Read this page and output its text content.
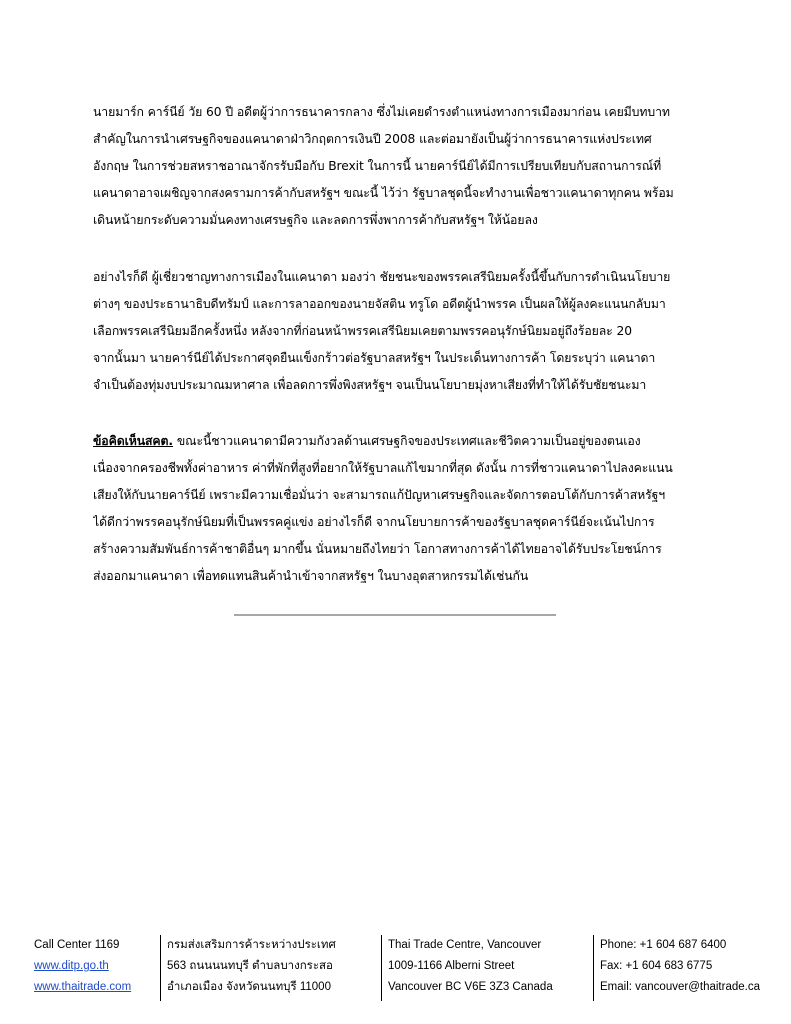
นายมาร์ก คาร์นีย์ วัย 60 ปี อดีตผู้ว่าการธนาคารกลาง ซึ่งไม่เคยดำรงตำแหน่งทางการเมืองมาก่อน เคยมีบทบาท
สำคัญในการนำเศรษฐกิจของแคนาดาฝ่าวิกฤตการเงินปี 2008 และต่อมายังเป็นผู้ว่าการธนาคารแห่งประเทศ
อังกฤษ ในการช่วยสหราชอาณาจักรรับมือกับ Brexit ในการนี้ นายคาร์นีย์ได้มีการเปรียบเทียบกับสถานการณ์ที่
แคนาดาอาจเผชิญจากสงครามการค้ากับสหรัฐฯ ขณะนี้ ไว้ว่า รัฐบาลชุดนี้จะทำงานเพื่อชาวแคนาดาทุกคน พร้อม
เดินหน้ายกระดับความมั่นคงทางเศรษฐกิจ และลดการพึ่งพาการค้ากับสหรัฐฯ ให้น้อยลง
อย่างไรก็ดี ผู้เชี่ยวชาญทางการเมืองในแคนาดา มองว่า ชัยชนะของพรรคเสรีนิยมครั้งนี้ขึ้นกับการดำเนินนโยบาย
ต่างๆ ของประธานาธิบดีทรัมป์ และการลาออกของนายจัสติน ทรูโด อดีตผู้นำพรรค เป็นผลให้ผู้ลงคะแนนกลับมา
เลือกพรรคเสรีนิยมอีกครั้งหนึ่ง หลังจากที่ก่อนหน้าพรรคเสรีนิยมเคยตามพรรคอนุรักษ์นิยมอยู่ถึงร้อยละ 20
จากนั้นมา นายคาร์นีย์ได้ประกาศจุดยืนแข็งกร้าวต่อรัฐบาลสหรัฐฯ ในประเด็นทางการค้า โดยระบุว่า แคนาดา
จำเป็นต้องทุ่มงบประมาณมหาศาล เพื่อลดการพึ่งพิงสหรัฐฯ จนเป็นนโยบายมุ่งหาเสียงที่ทำให้ได้รับชัยชนะมา
ข้อคิดเห็นสคต. ขณะนี้ชาวแคนาดามีความกังวลด้านเศรษฐกิจของประเทศและชีวิตความเป็นอยู่ของตนเอง
เนื่องจากครองชีพทั้งค่าอาหาร ค่าที่พักที่สูงที่อยากให้รัฐบาลแก้ไขมากที่สุด ดังนั้น การที่ชาวแคนาดาไปลงคะแนน
เสียงให้กับนายคาร์นีย์ เพราะมีความเชื่อมั่นว่า จะสามารถแก้ปัญหาเศรษฐกิจและจัดการตอบโต้กับการค้าสหรัฐฯ
ได้ดีกว่าพรรคอนุรักษ์นิยมที่เป็นพรรคคู่แข่ง อย่างไรก็ดี จากนโยบายการค้าของรัฐบาลชุดคาร์นีย์จะเน้นไปการ
สร้างความสัมพันธ์การค้าชาติอื่นๆ มากขึ้น นั่นหมายถึงไทยว่า โอกาสทางการค้าได้ไทยอาจได้รับประโยชน์การ
ส่งออกมาแคนาดา เพื่อทดแทนสินค้านำเข้าจากสหรัฐฯ ในบางอุตสาหกรรมได้เช่นกัน
Call Center 1169
www.ditp.go.th
www.thaitrade.com
กรมส่งเสริมการค้าระหว่างประเทศ
563 ถนนนนทบุรี ตำบลบางกระสอ
อำเภอเมือง จังหวัดนนทบุรี 11000
Thai Trade Centre, Vancouver
1009-1166 Alberni Street
Vancouver BC V6E 3Z3 Canada
Phone: +1 604 687 6400
Fax: +1 604 683 6775
Email: vancouver@thaitrade.ca
